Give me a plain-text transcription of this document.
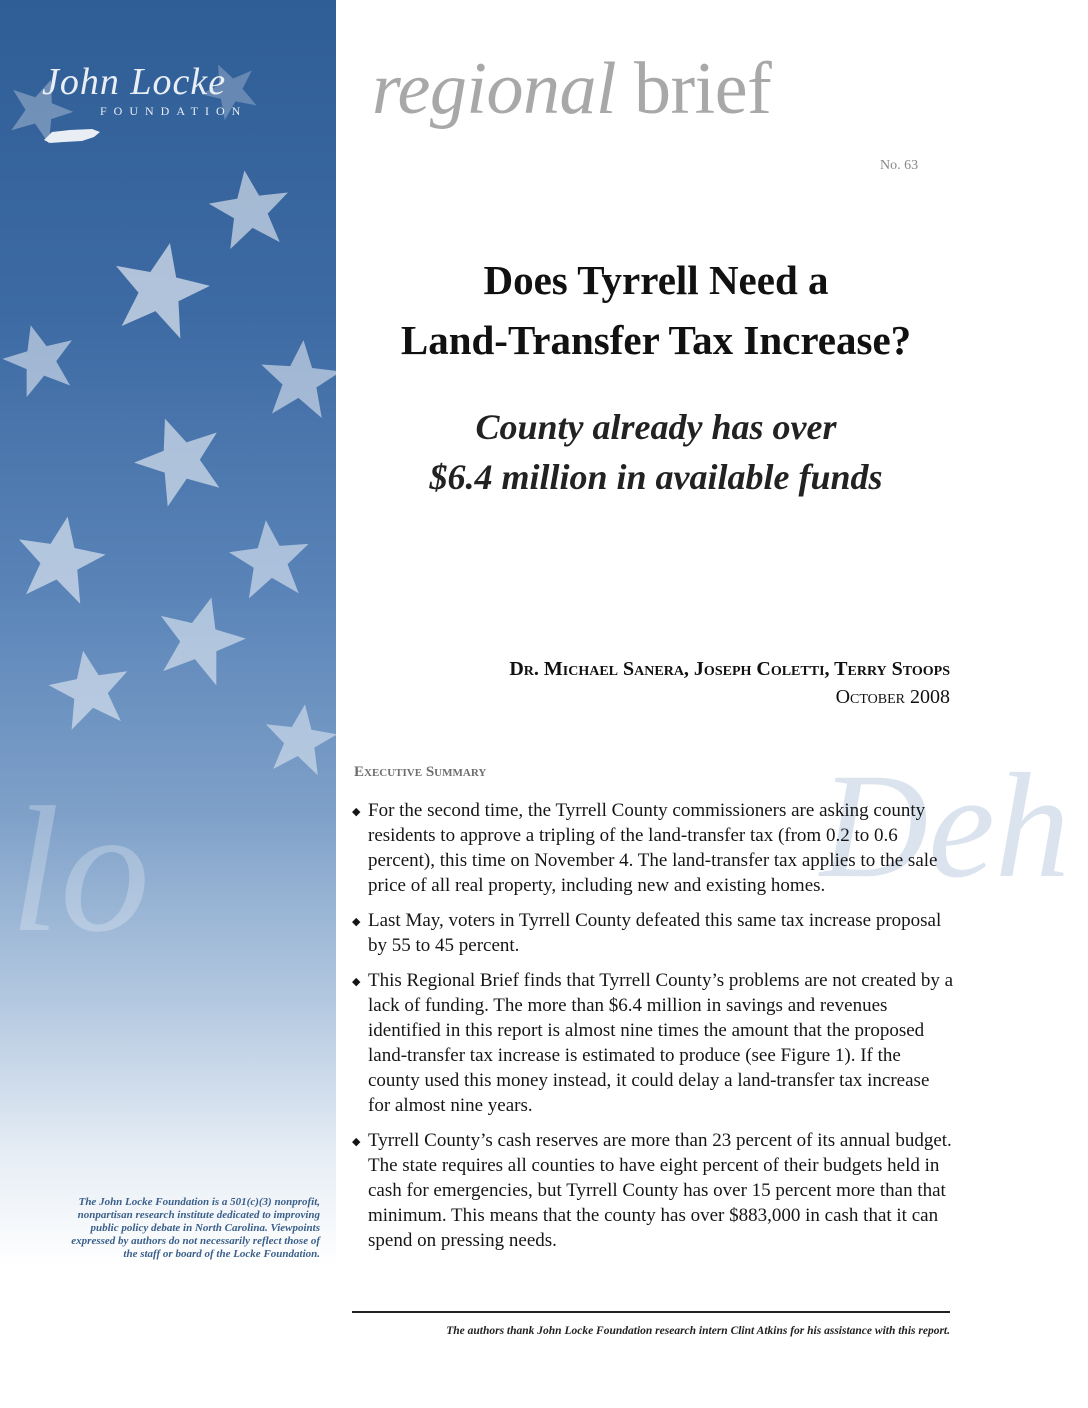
lo
John Locke
FOUNDATION
The John Locke Foundation is a 501(c)(3) nonprofit, nonpartisan research institute dedicated to improving public policy debate in North Carolina. Viewpoints expressed by authors do not necessarily reflect those of the staff or board of the Locke Foundation.
regional brief
No. 63
Does Tyrrell Need a
Land-Transfer Tax Increase?
County already has over
$6.4 million in available funds
Dr. Michael Sanera, Joseph Coletti, Terry Stoops
October 2008
Deh
Executive Summary
◆ For the second time, the Tyrrell County commissioners are asking county residents to approve a tripling of the land-transfer tax (from 0.2 to 0.6 percent), this time on November 4. The land-transfer tax applies to the sale price of all real property, including new and existing homes.
◆ Last May, voters in Tyrrell County defeated this same tax increase proposal by 55 to 45 percent.
◆ This Regional Brief finds that Tyrrell County’s problems are not created by a lack of funding. The more than $6.4 million in savings and revenues identified in this report is almost nine times the amount that the proposed land-transfer tax increase is estimated to produce (see Figure 1). If the county used this money instead, it could delay a land-transfer tax increase for almost nine years.
◆ Tyrrell County’s cash reserves are more than 23 percent of its annual budget. The state requires all counties to have eight percent of their budgets held in cash for emergencies, but Tyrrell County has over 15 percent more than that minimum. This means that the county has over $883,000 in cash that it can spend on pressing needs.
The authors thank John Locke Foundation research intern Clint Atkins for his assistance with this report.
